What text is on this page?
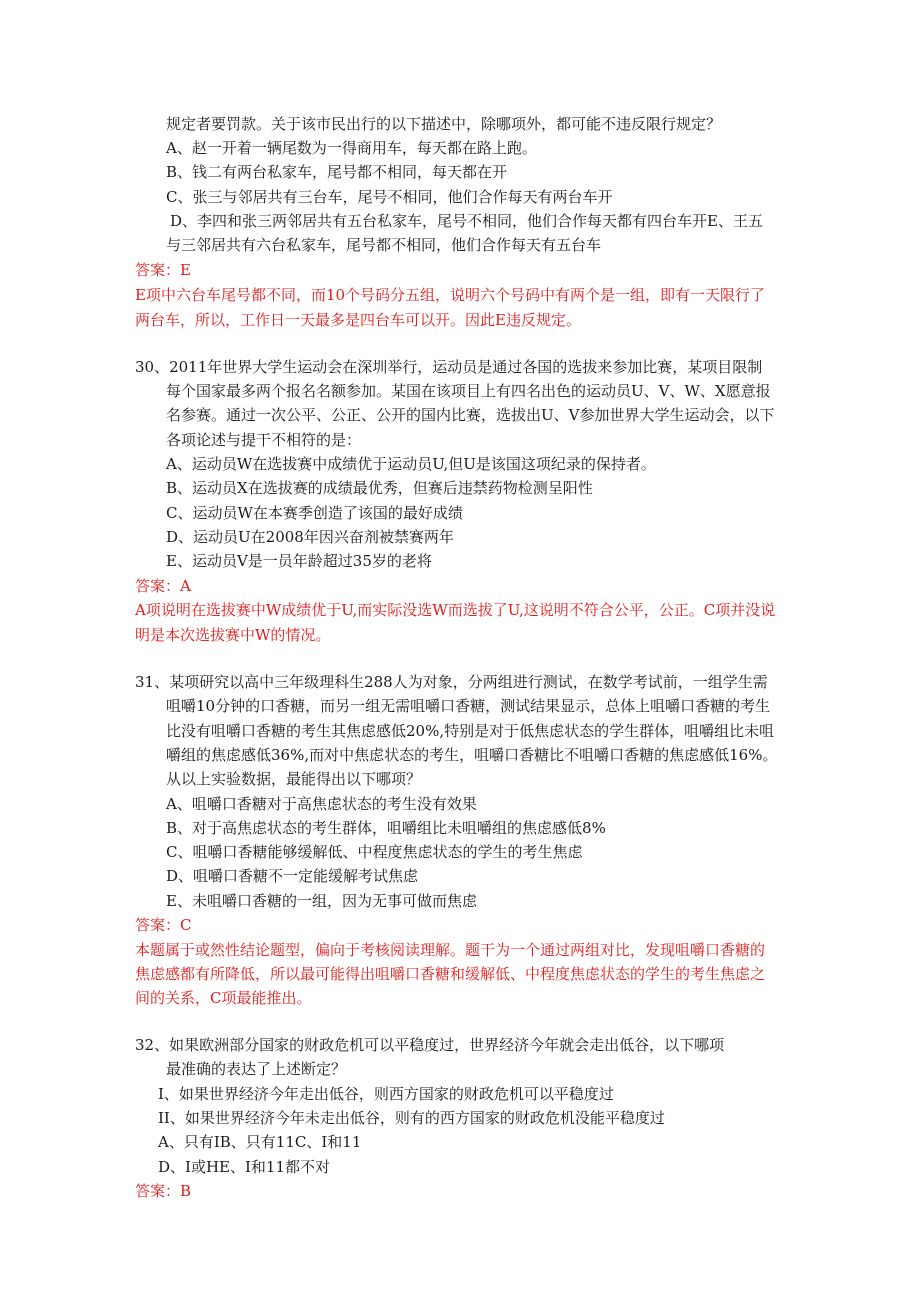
规定者要罚款。关于该市民出行的以下描述中，除哪项外，都可能不违反限行规定？
A、赵一开着一辆尾数为一得商用车，每天都在路上跑。
B、钱二有两台私家车，尾号都不相同，每天都在开
C、张三与邻居共有三台车，尾号不相同，他们合作每天有两台车开
D、李四和张三两邻居共有五台私家车，尾号不相同，他们合作每天都有四台车开E、王五
与三邻居共有六台私家车，尾号都不相同，他们合作每天有五台车
答案：E
E项中六台车尾号都不同，而10个号码分五组，说明六个号码中有两个是一组，即有一天限行了
两台车，所以，工作日一天最多是四台车可以开。因此E违反规定。
30、2011年世界大学生运动会在深圳举行，运动员是通过各国的选拔来参加比赛，某项目限制
每个国家最多两个报名名额参加。某国在该项目上有四名出色的运动员U、V、W、X愿意报
名参赛。通过一次公平、公正、公开的国内比赛，选拔出U、V参加世界大学生运动会，以下
各项论述与提干不相符的是：
A、运动员W在选拔赛中成绩优于运动员U,但U是该国这项纪录的保持者。
B、运动员X在选拔赛的成绩最优秀，但赛后违禁药物检测呈阳性
C、运动员W在本赛季创造了该国的最好成绩
D、运动员U在2008年因兴奋剂被禁赛两年
E、运动员V是一员年龄超过35岁的老将
答案：A
A项说明在选拔赛中W成绩优于U,而实际没选W而选拔了U,这说明不符合公平，公正。C项并没说
明是本次选拔赛中W的情况。
31、某项研究以高中三年级理科生288人为对象，分两组进行测试，在数学考试前，一组学生需
咀嚼10分钟的口香糖，而另一组无需咀嚼口香糖，测试结果显示，总体上咀嚼口香糖的考生
比没有咀嚼口香糖的考生其焦虑感低20%,特别是对于低焦虑状态的学生群体，咀嚼组比未咀
嚼组的焦虑感低36%,而对中焦虑状态的考生，咀嚼口香糖比不咀嚼口香糖的焦虑感低16%。
从以上实验数据，最能得出以下哪项？
A、咀嚼口香糖对于高焦虑状态的考生没有效果
B、对于高焦虑状态的考生群体，咀嚼组比未咀嚼组的焦虑感低8%
C、咀嚼口香糖能够缓解低、中程度焦虑状态的学生的考生焦虑
D、咀嚼口香糖不一定能缓解考试焦虑
E、未咀嚼口香糖的一组，因为无事可做而焦虑
答案：C
本题属于或然性结论题型，偏向于考核阅读理解。题干为一个通过两组对比，发现咀嚼口香糖的
焦虑感都有所降低，所以最可能得出咀嚼口香糖和缓解低、中程度焦虑状态的学生的考生焦虑之
间的关系，C项最能推出。
32、如果欧洲部分国家的财政危机可以平稳度过，世界经济今年就会走出低谷，以下哪项
最准确的表达了上述断定？
I、如果世界经济今年走出低谷，则西方国家的财政危机可以平稳度过
II、如果世界经济今年未走出低谷，则有的西方国家的财政危机没能平稳度过
A、只有IB、只有11C、I和11
D、I或HE、I和11都不对
答案：B
